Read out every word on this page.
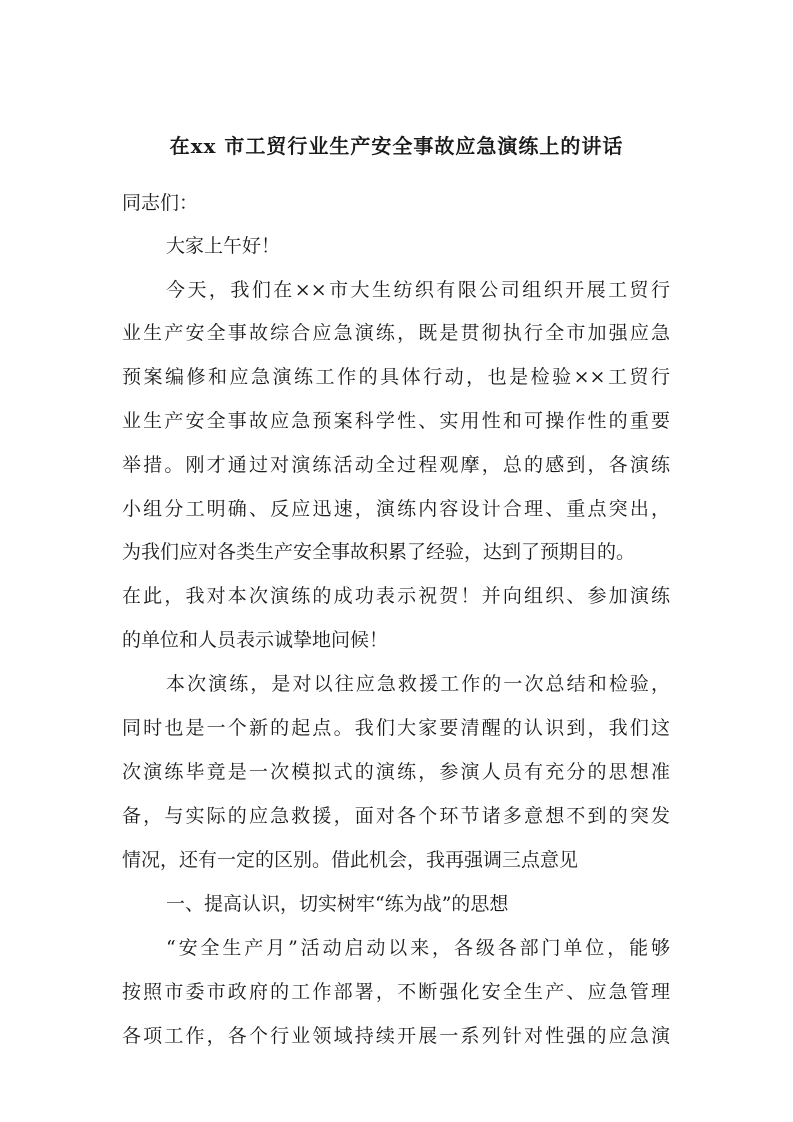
在xx 市工贸行业生产安全事故应急演练上的讲话
同志们：
大家上午好！
今天，我们在××市大生纺织有限公司组织开展工贸行
业生产安全事故综合应急演练，既是贯彻执行全市加强应急
预案编修和应急演练工作的具体行动，也是检验××工贸行
业生产安全事故应急预案科学性、实用性和可操作性的重要
举措。刚才通过对演练活动全过程观摩，总的感到，各演练
小组分工明确、反应迅速，演练内容设计合理、重点突出，
为我们应对各类生产安全事故积累了经验，达到了预期目的。
在此，我对本次演练的成功表示祝贺！并向组织、参加演练
的单位和人员表示诚挚地问候！
本次演练，是对以往应急救援工作的一次总结和检验，
同时也是一个新的起点。我们大家要清醒的认识到，我们这
次演练毕竟是一次模拟式的演练，参演人员有充分的思想准
备，与实际的应急救援，面对各个环节诸多意想不到的突发
情况，还有一定的区别。借此机会，我再强调三点意见
一、提高认识，切实树牢“练为战”的思想
“安全生产月”活动启动以来，各级各部门单位，能够
按照市委市政府的工作部署，不断强化安全生产、应急管理
各项工作，各个行业领域持续开展一系列针对性强的应急演
